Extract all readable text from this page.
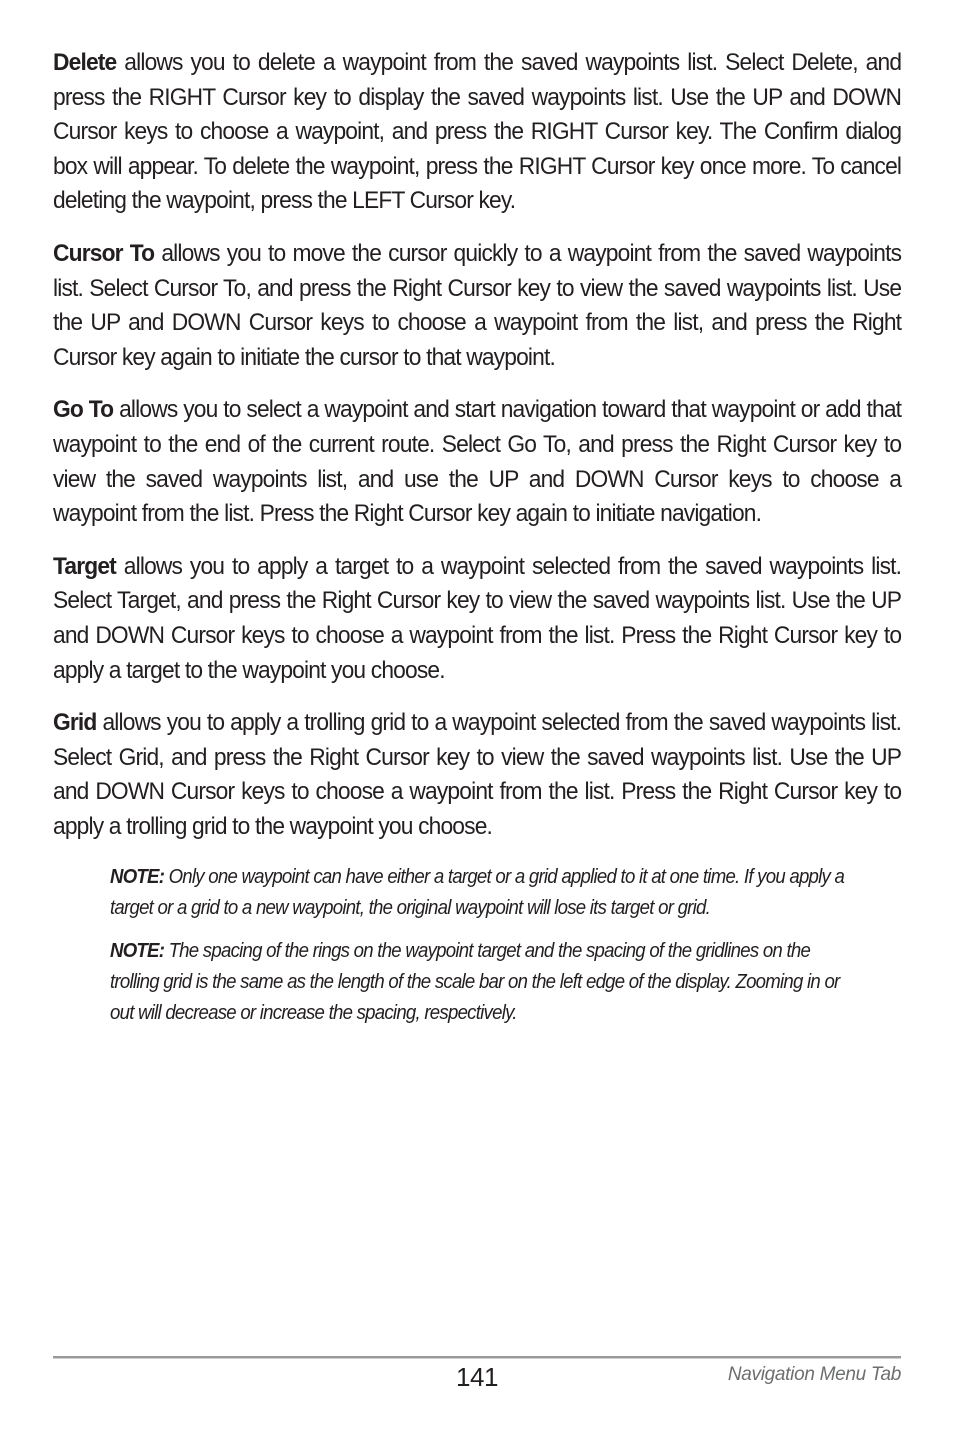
Delete allows you to delete a waypoint from the saved waypoints list. Select Delete, and press the RIGHT Cursor key to display the saved waypoints list. Use the UP and DOWN Cursor keys to choose a waypoint, and press the RIGHT Cursor key. The Confirm dialog box will appear. To delete the waypoint, press the RIGHT Cursor key once more. To cancel deleting the waypoint, press the LEFT Cursor key.

Cursor To allows you to move the cursor quickly to a waypoint from the saved waypoints list. Select Cursor To, and press the Right Cursor key to view the saved waypoints list. Use the UP and DOWN Cursor keys to choose a waypoint from the list, and press the Right Cursor key again to initiate the cursor to that waypoint.

Go To allows you to select a waypoint and start navigation toward that waypoint or add that waypoint to the end of the current route. Select Go To, and press the Right Cursor key to view the saved waypoints list, and use the UP and DOWN Cursor keys to choose a waypoint from the list. Press the Right Cursor key again to initiate navigation.

Target allows you to apply a target to a waypoint selected from the saved waypoints list. Select Target, and press the Right Cursor key to view the saved waypoints list. Use the UP and DOWN Cursor keys to choose a waypoint from the list. Press the Right Cursor key to apply a target to the waypoint you choose.

Grid allows you to apply a trolling grid to a waypoint selected from the saved waypoints list. Select Grid, and press the Right Cursor key to view the saved waypoints list. Use the UP and DOWN Cursor keys to choose a waypoint from the list. Press the Right Cursor key to apply a trolling grid to the waypoint you choose.

NOTE: Only one waypoint can have either a target or a grid applied to it at one time. If you apply a target or a grid to a new waypoint, the original waypoint will lose its target or grid.

NOTE: The spacing of the rings on the waypoint target and the spacing of the gridlines on the trolling grid is the same as the length of the scale bar on the left edge of the display. Zooming in or out will decrease or increase the spacing, respectively.

141	Navigation Menu Tab
